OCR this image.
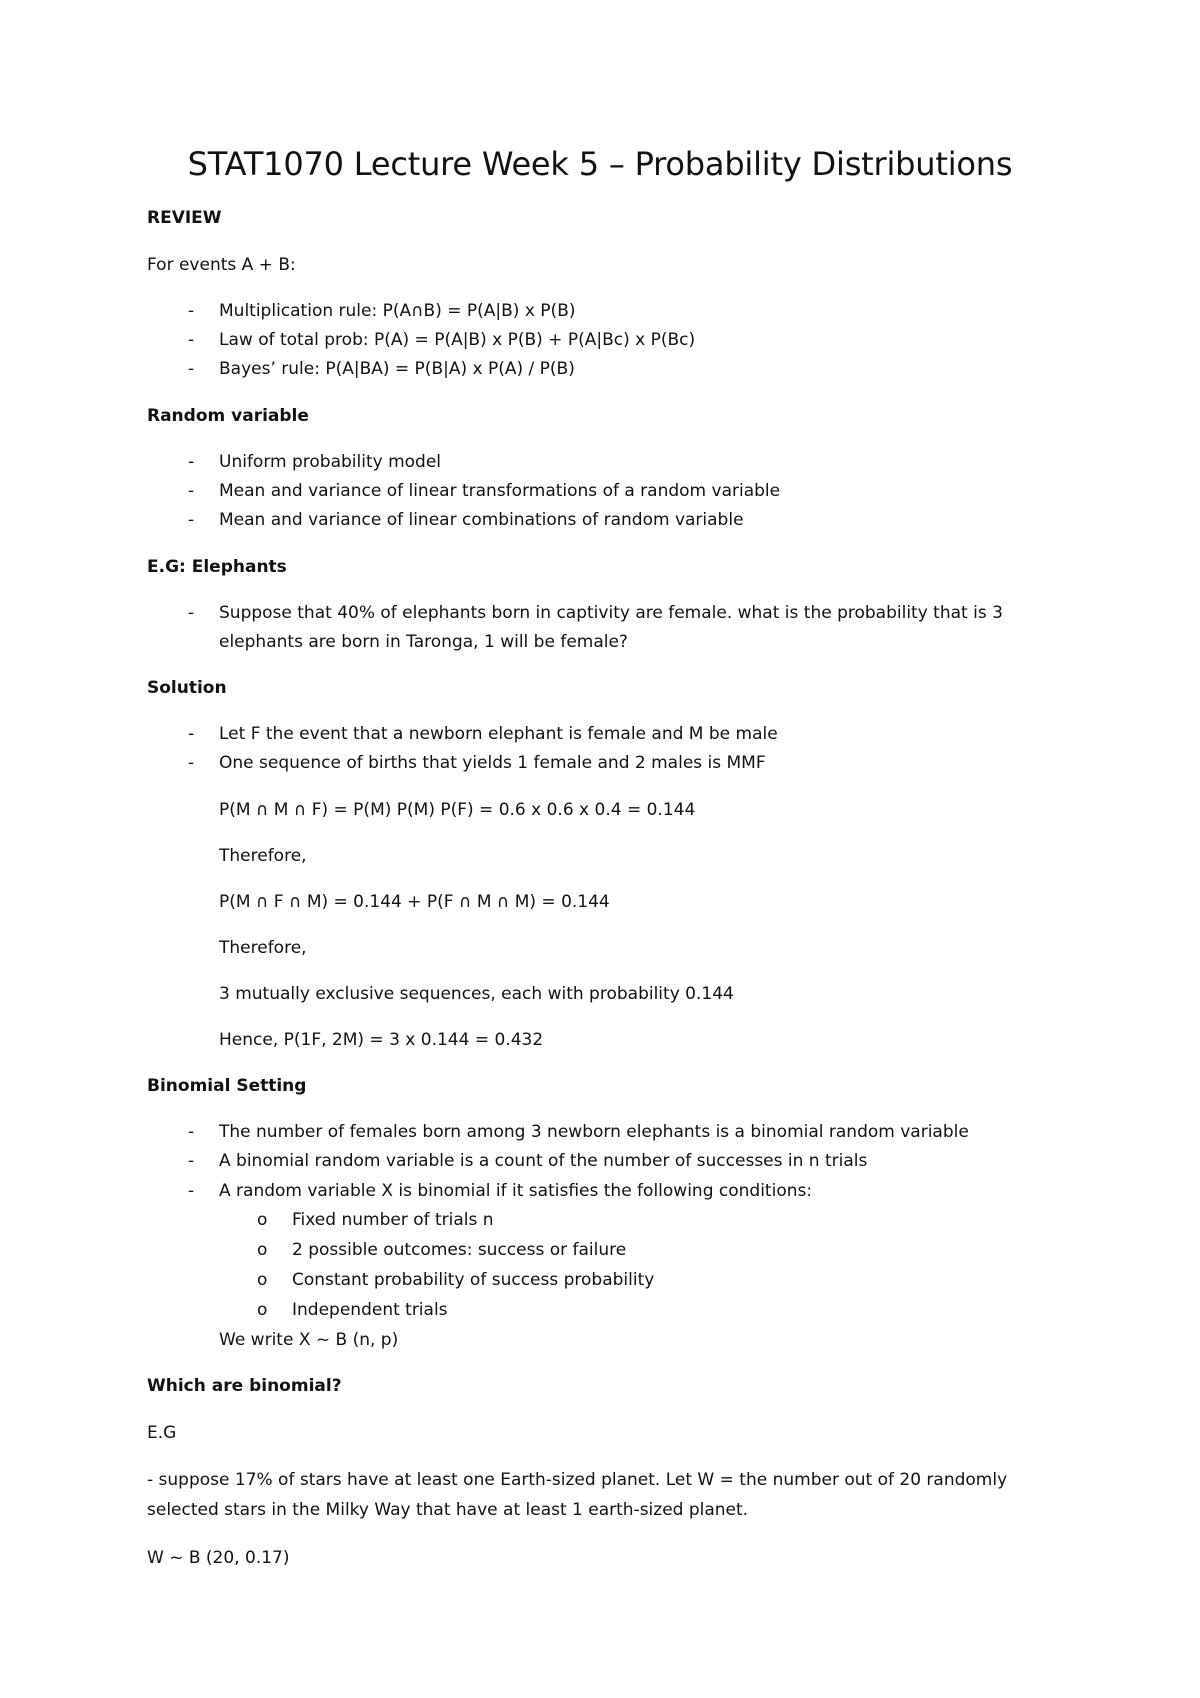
STAT1070 Lecture Week 5 – Probability Distributions
REVIEW
For events A + B:
- Multiplication rule: P(A∩B) = P(A|B) x P(B)
- Law of total prob: P(A) = P(A|B) x P(B) + P(A|Bc) x P(Bc)
- Bayes’ rule: P(A|BA) = P(B|A) x P(A) / P(B)
Random variable
- Uniform probability model
- Mean and variance of linear transformations of a random variable
- Mean and variance of linear combinations of random variable
E.G: Elephants
- Suppose that 40% of elephants born in captivity are female. what is the probability that is 3
elephants are born in Taronga, 1 will be female?
Solution
- Let F the event that a newborn elephant is female and M be male
- One sequence of births that yields 1 female and 2 males is MMF
P(M ∩ M ∩ F) = P(M) P(M) P(F) = 0.6 x 0.6 x 0.4 = 0.144
Therefore,
P(M ∩ F ∩ M) = 0.144 + P(F ∩ M ∩ M) = 0.144
Therefore,
3 mutually exclusive sequences, each with probability 0.144
Hence, P(1F, 2M) = 3 x 0.144 = 0.432
Binomial Setting
- The number of females born among 3 newborn elephants is a binomial random variable
- A binomial random variable is a count of the number of successes in n trials
- A random variable X is binomial if it satisfies the following conditions:
o Fixed number of trials n
o 2 possible outcomes: success or failure
o Constant probability of success probability
o Independent trials
We write X ~ B (n, p)
Which are binomial?
E.G
- suppose 17% of stars have at least one Earth-sized planet. Let W = the number out of 20 randomly
selected stars in the Milky Way that have at least 1 earth-sized planet.
W ~ B (20, 0.17)
